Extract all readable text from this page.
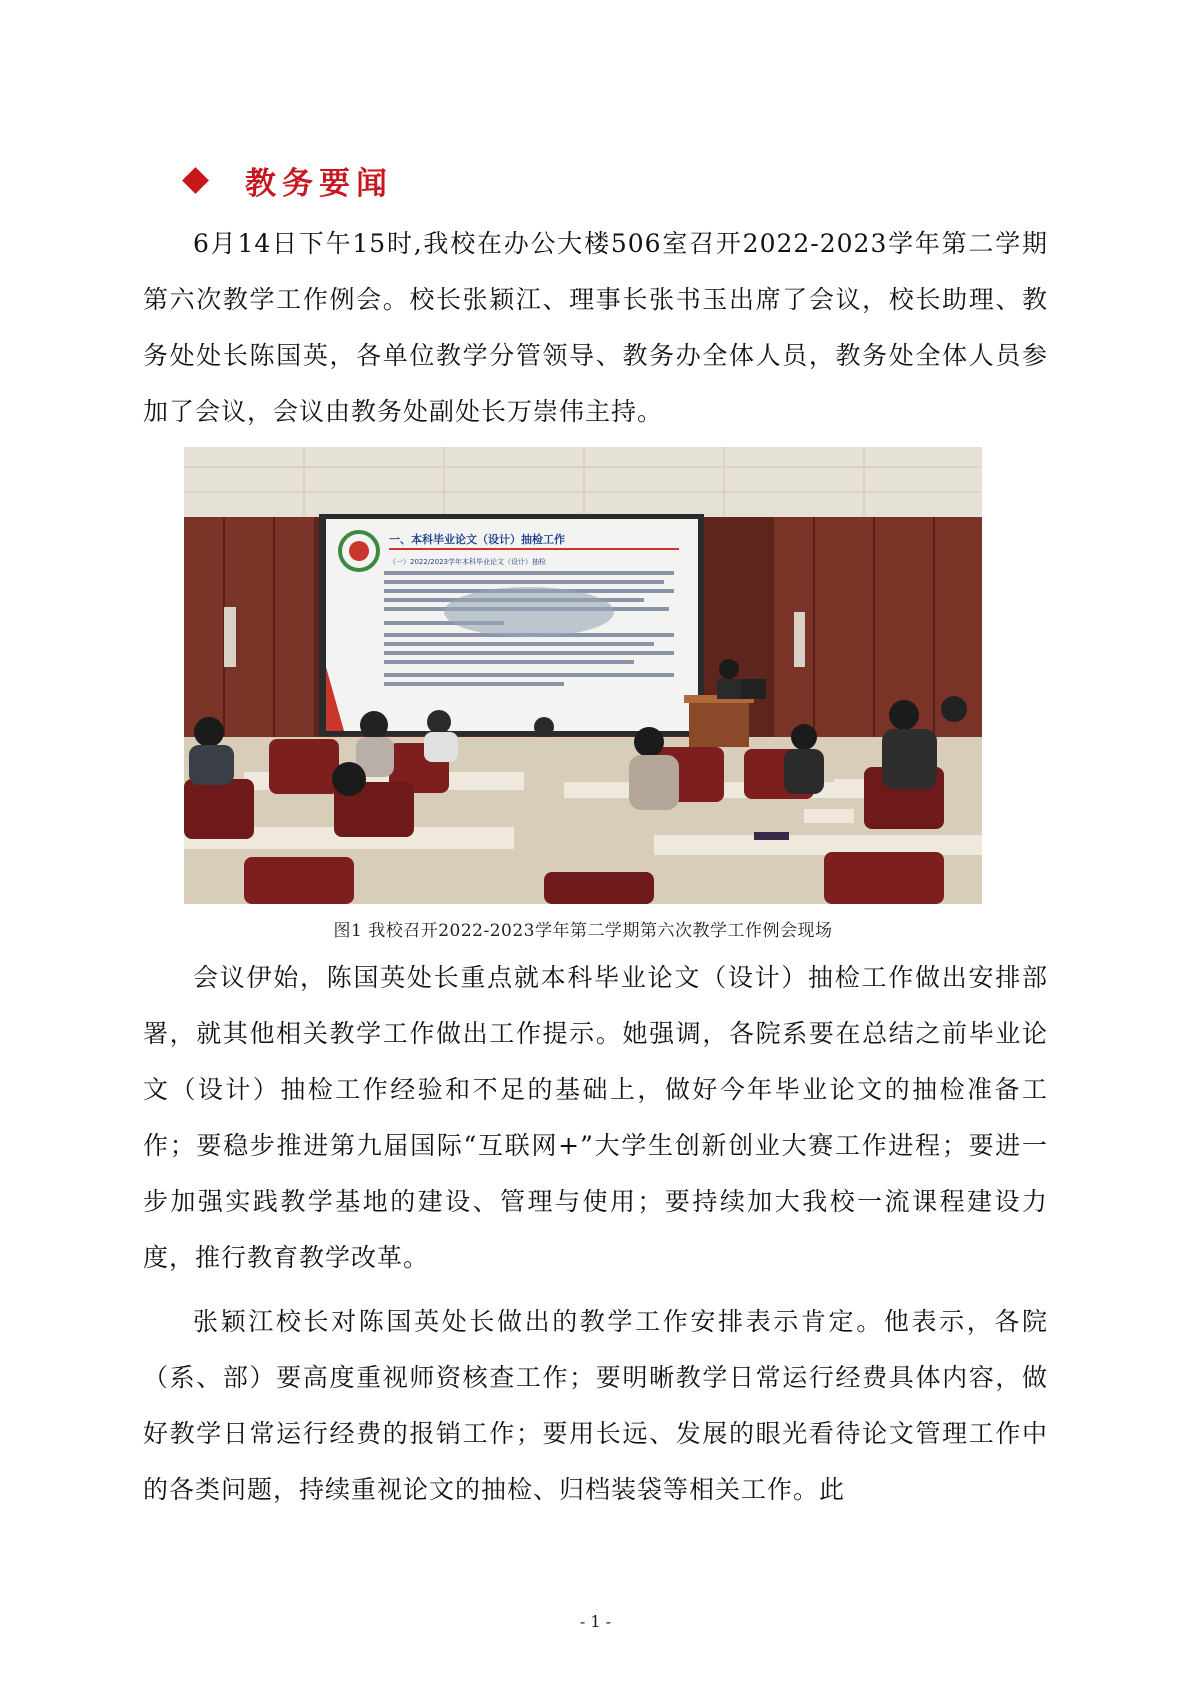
教务要闻

6月14日下午15时,我校在办公大楼506室召开2022-2023学年第二学期第六次教学工作例会。校长张颖江、理事长张书玉出席了会议，校长助理、教务处处长陈国英，各单位教学分管领导、教务办全体人员，教务处全体人员参加了会议，会议由教务处副处长万崇伟主持。

一、本科毕业论文（设计）抽检工作
（一）2022/2023学年本科毕业论文（设计）抽检
图1 我校召开2022-2023学年第二学期第六次教学工作例会现场

会议伊始，陈国英处长重点就本科毕业论文（设计）抽检工作做出安排部署，就其他相关教学工作做出工作提示。她强调，各院系要在总结之前毕业论文（设计）抽检工作经验和不足的基础上，做好今年毕业论文的抽检准备工作；要稳步推进第九届国际“互联网+”大学生创新创业大赛工作进程；要进一步加强实践教学基地的建设、管理与使用；要持续加大我校一流课程建设力度，推行教育教学改革。

张颖江校长对陈国英处长做出的教学工作安排表示肯定。他表示，各院（系、部）要高度重视师资核查工作；要明晰教学日常运行经费具体内容，做好教学日常运行经费的报销工作；要用长远、发展的眼光看待论文管理工作中的各类问题，持续重视论文的抽检、归档装袋等相关工作。此

- 1 -
